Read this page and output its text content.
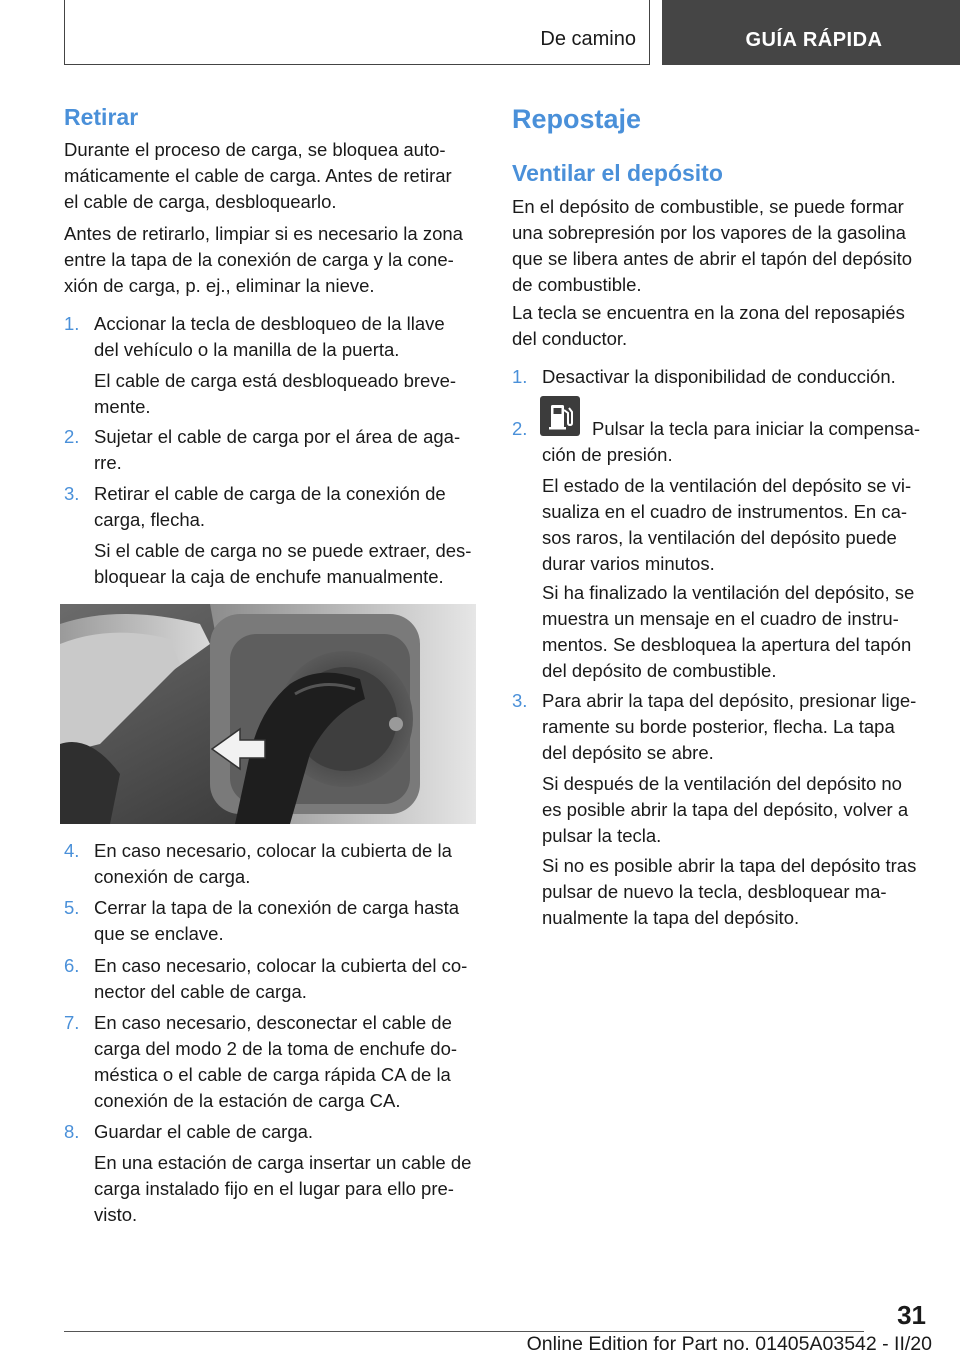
De camino	GUÍA RÁPIDA
Retirar
Durante el proceso de carga, se bloquea auto‐
máticamente el cable de carga. Antes de retirar
el cable de carga, desbloquearlo.
Antes de retirarlo, limpiar si es necesario la zona
entre la tapa de la conexión de carga y la cone‐
xión de carga, p. ej., eliminar la nieve.
1. Accionar la tecla de desbloqueo de la llave
del vehículo o la manilla de la puerta.
El cable de carga está desbloqueado breve‐
mente.
2. Sujetar el cable de carga por el área de aga‐
rre.
3. Retirar el cable de carga de la conexión de
carga, flecha.
Si el cable de carga no se puede extraer, des‐
bloquear la caja de enchufe manualmente.
4. En caso necesario, colocar la cubierta de la
conexión de carga.
5. Cerrar la tapa de la conexión de carga hasta
que se enclave.
6. En caso necesario, colocar la cubierta del co‐
nector del cable de carga.
7. En caso necesario, desconectar el cable de
carga del modo 2 de la toma de enchufe do‐
méstica o el cable de carga rápida CA de la
conexión de la estación de carga CA.
8. Guardar el cable de carga.
En una estación de carga insertar un cable de
carga instalado fijo en el lugar para ello pre‐
visto.
Repostaje
Ventilar el depósito
En el depósito de combustible, se puede formar
una sobrepresión por los vapores de la gasolina
que se libera antes de abrir el tapón del depósito
de combustible.
La tecla se encuentra en la zona del reposapiés
del conductor.
1. Desactivar la disponibilidad de conducción.
2.	Pulsar la tecla para iniciar la compensa‐
ción de presión.
El estado de la ventilación del depósito se vi‐
sualiza en el cuadro de instrumentos. En ca‐
sos raros, la ventilación del depósito puede
durar varios minutos.
Si ha finalizado la ventilación del depósito, se
muestra un mensaje en el cuadro de instru‐
mentos. Se desbloquea la apertura del tapón
del depósito de combustible.
3. Para abrir la tapa del depósito, presionar lige‐
ramente su borde posterior, flecha. La tapa
del depósito se abre.
Si después de la ventilación del depósito no
es posible abrir la tapa del depósito, volver a
pulsar la tecla.
Si no es posible abrir la tapa del depósito tras
pulsar de nuevo la tecla, desbloquear ma‐
nualmente la tapa del depósito.
31
Online Edition for Part no. 01405A03542 - II/20
